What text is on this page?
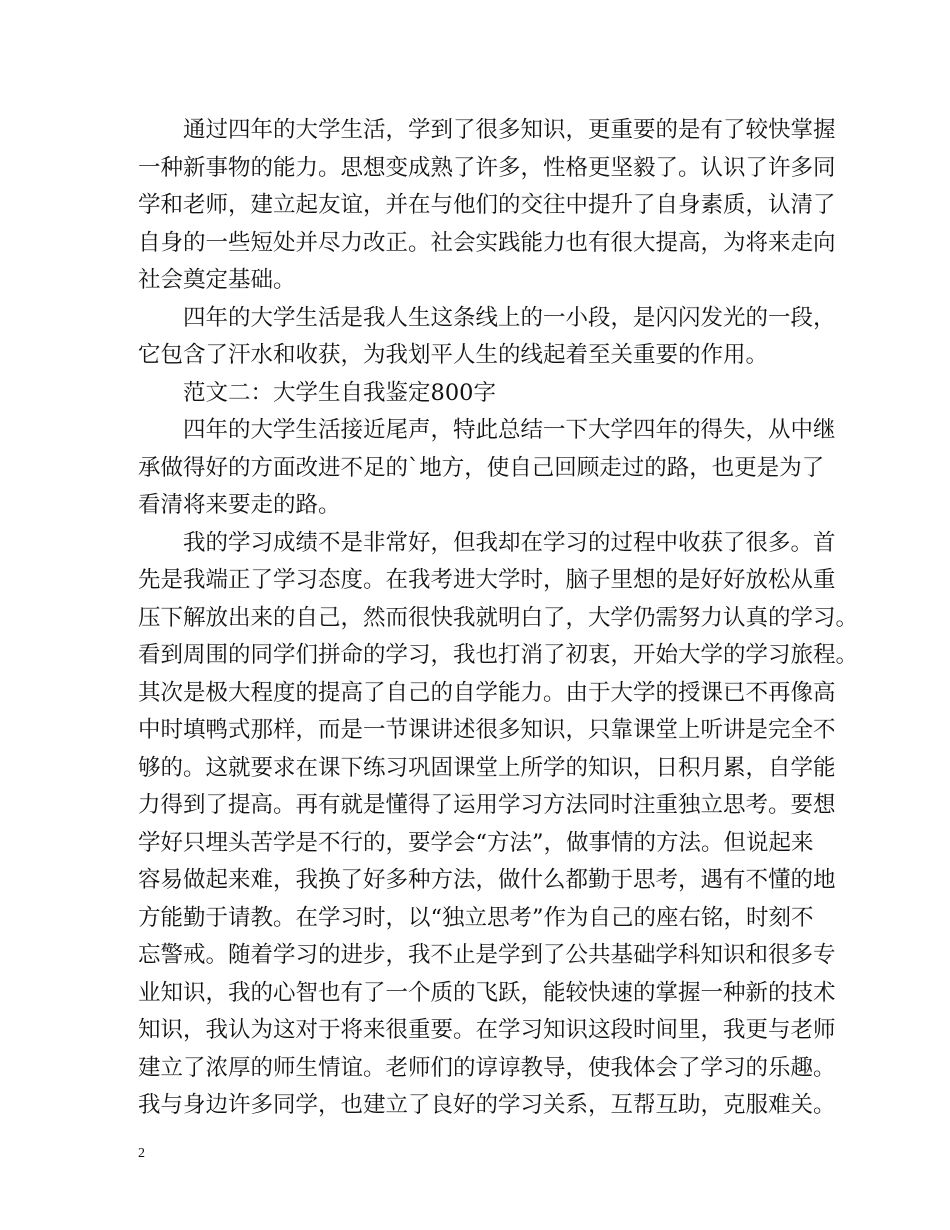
通过四年的大学生活，学到了很多知识，更重要的是有了较快掌握
一种新事物的能力。思想变成熟了许多，性格更坚毅了。认识了许多同
学和老师，建立起友谊，并在与他们的交往中提升了自身素质，认清了
自身的一些短处并尽力改正。社会实践能力也有很大提高，为将来走向
社会奠定基础。
四年的大学生活是我人生这条线上的一小段，是闪闪发光的一段，
它包含了汗水和收获，为我划平人生的线起着至关重要的作用。
范文二：大学生自我鉴定800字
四年的大学生活接近尾声，特此总结一下大学四年的得失，从中继
承做得好的方面改进不足的`地方，使自己回顾走过的路，也更是为了
看清将来要走的路。
我的学习成绩不是非常好，但我却在学习的过程中收获了很多。首
先是我端正了学习态度。在我考进大学时，脑子里想的是好好放松从重
压下解放出来的自己，然而很快我就明白了，大学仍需努力认真的学习。
看到周围的同学们拼命的学习，我也打消了初衷，开始大学的学习旅程。
其次是极大程度的提高了自己的自学能力。由于大学的授课已不再像高
中时填鸭式那样，而是一节课讲述很多知识，只靠课堂上听讲是完全不
够的。这就要求在课下练习巩固课堂上所学的知识，日积月累，自学能
力得到了提高。再有就是懂得了运用学习方法同时注重独立思考。要想
学好只埋头苦学是不行的，要学会“方法”，做事情的方法。但说起来
容易做起来难，我换了好多种方法，做什么都勤于思考，遇有不懂的地
方能勤于请教。在学习时，以“独立思考”作为自己的座右铭，时刻不
忘警戒。随着学习的进步，我不止是学到了公共基础学科知识和很多专
业知识，我的心智也有了一个质的飞跃，能较快速的掌握一种新的技术
知识，我认为这对于将来很重要。在学习知识这段时间里，我更与老师
建立了浓厚的师生情谊。老师们的谆谆教导，使我体会了学习的乐趣。
我与身边许多同学，也建立了良好的学习关系，互帮互助，克服难关。
2
